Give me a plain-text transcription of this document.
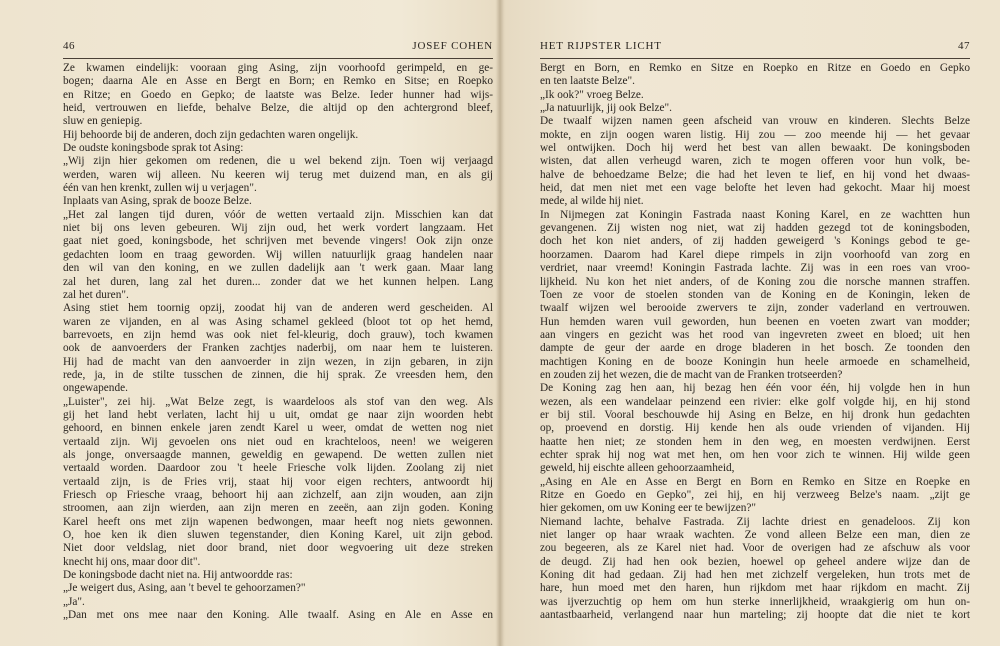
46	JOSEF COHEN
Ze kwamen eindelijk: vooraan ging Asing, zijn voorhoofd gerimpeld, en ge-
bogen; daarna Ale en Asse en Bergt en Born; en Remko en Sitse; en Roepko
en Ritze; en Goedo en Gepko; de laatste was Belze. Ieder hunner had wijs-
heid, vertrouwen en liefde, behalve Belze, die altijd op den achtergrond bleef,
sluw en geniepig.
Hij behoorde bij de anderen, doch zijn gedachten waren ongelijk.
De oudste koningsbode sprak tot Asing:
„Wij zijn hier gekomen om redenen, die u wel bekend zijn. Toen wij verjaagd
werden, waren wij alleen. Nu keeren wij terug met duizend man, en als gij
één van hen krenkt, zullen wij u verjagen".
Inplaats van Asing, sprak de booze Belze.
„Het zal langen tijd duren, vóór de wetten vertaald zijn. Misschien kan dat
niet bij ons leven gebeuren. Wij zijn oud, het werk vordert langzaam. Het
gaat niet goed, koningsbode, het schrijven met bevende vingers! Ook zijn onze
gedachten loom en traag geworden. Wij willen natuurlijk graag handelen naar
den wil van den koning, en we zullen dadelijk aan 't werk gaan. Maar lang
zal het duren, lang zal het duren... zonder dat we het kunnen helpen. Lang
zal het duren".
Asing stiet hem toornig opzij, zoodat hij van de anderen werd gescheiden. Al
waren ze vijanden, en al was Asing schamel gekleed (bloot tot op het hemd,
barrevoets, en zijn hemd was ook niet fel-kleurig, doch grauw), toch kwamen
ook de aanvoerders der Franken zachtjes naderbij, om naar hem te luisteren.
Hij had de macht van den aanvoerder in zijn wezen, in zijn gebaren, in zijn
rede, ja, in de stilte tusschen de zinnen, die hij sprak. Ze vreesden hem, den
ongewapende.
„Luister", zei hij. „Wat Belze zegt, is waardeloos als stof van den weg. Als
gij het land hebt verlaten, lacht hij u uit, omdat ge naar zijn woorden hebt
gehoord, en binnen enkele jaren zendt Karel u weer, omdat de wetten nog niet
vertaald zijn. Wij gevoelen ons niet oud en krachteloos, neen! we weigeren
als jonge, onversaagde mannen, geweldig en gewapend. De wetten zullen niet
vertaald worden. Daardoor zou 't heele Friesche volk lijden. Zoolang zij niet
vertaald zijn, is de Fries vrij, staat hij voor eigen rechters, antwoordt hij
Friesch op Friesche vraag, behoort hij aan zichzelf, aan zijn wouden, aan zijn
stroomen, aan zijn wierden, aan zijn meren en zeeën, aan zijn goden. Koning
Karel heeft ons met zijn wapenen bedwongen, maar heeft nog niets gewonnen.
O, hoe ken ik dien sluwen tegenstander, dien Koning Karel, uit zijn gebod.
Niet door veldslag, niet door brand, niet door wegvoering uit deze streken
knecht hij ons, maar door dit".
De koningsbode dacht niet na. Hij antwoordde ras:
„Je weigert dus, Asing, aan 't bevel te gehoorzamen?"
„Ja".
„Dan met ons mee naar den Koning. Alle twaalf. Asing en Ale en Asse en
HET RIJPSTER LICHT	47
Bergt en Born, en Remko en Sitze en Roepko en Ritze en Goedo en Gepko
en ten laatste Belze".
„Ik ook?" vroeg Belze.
„Ja natuurlijk, jij ook Belze".
De twaalf wijzen namen geen afscheid van vrouw en kinderen. Slechts Belze
mokte, en zijn oogen waren listig. Hij zou — zoo meende hij — het gevaar
wel ontwijken. Doch hij werd het best van allen bewaakt. De koningsboden
wisten, dat allen verheugd waren, zich te mogen offeren voor hun volk, be-
halve de behoedzame Belze; die had het leven te lief, en hij vond het dwaas-
heid, dat men niet met een vage belofte het leven had gekocht. Maar hij moest
mede, al wilde hij niet.
In Nijmegen zat Koningin Fastrada naast Koning Karel, en ze wachtten hun
gevangenen. Zij wisten nog niet, wat zij hadden gezegd tot de koningsboden,
doch het kon niet anders, of zij hadden geweigerd 's Konings gebod te ge-
hoorzamen. Daarom had Karel diepe rimpels in zijn voorhoofd van zorg en
verdriet, naar vreemd! Koningin Fastrada lachte. Zij was in een roes van vroo-
lijkheid. Nu kon het niet anders, of de Koning zou die norsche mannen straffen.
Toen ze voor de stoelen stonden van de Koning en de Koningin, leken de
twaalf wijzen wel berooide zwervers te zijn, zonder vaderland en vertrouwen.
Hun hemden waren vuil geworden, hun beenen en voeten zwart van modder;
aan vingers en gezicht was het rood van ingevreten zweet en bloed; uit hen
dampte de geur der aarde en droge bladeren in het bosch. Ze toonden den
machtigen Koning en de booze Koningin hun heele armoede en schamelheid,
en zouden zij het wezen, die de macht van de Franken trotseerden?
De Koning zag hen aan, hij bezag hen één voor één, hij volgde hen in hun
wezen, als een wandelaar peinzend een rivier: elke golf volgde hij, en hij stond
er bij stil. Vooral beschouwde hij Asing en Belze, en hij dronk hun gedachten
op, proevend en dorstig. Hij kende hen als oude vrienden of vijanden. Hij
haatte hen niet; ze stonden hem in den weg, en moesten verdwijnen. Eerst
echter sprak hij nog wat met hen, om hen voor zich te winnen. Hij wilde geen
geweld, hij eischte alleen gehoorzaamheid,
„Asing en Ale en Asse en Bergt en Born en Remko en Sitze en Roepke en
Ritze en Goedo en Gepko", zei hij, en hij verzweeg Belze's naam. „zijt ge
hier gekomen, om uw Koning eer te bewijzen?"
Niemand lachte, behalve Fastrada. Zij lachte driest en genadeloos. Zij kon
niet langer op haar wraak wachten. Ze vond alleen Belze een man, dien ze
zou begeeren, als ze Karel niet had. Voor de overigen had ze afschuw als voor
de deugd. Zij had hen ook bezien, hoewel op geheel andere wijze dan de
Koning dit had gedaan. Zij had hen met zichzelf vergeleken, hun trots met de
hare, hun moed met den haren, hun rijkdom met haar rijkdom en macht. Zij
was ijverzuchtig op hem om hun sterke innerlijkheid, wraakgierig om hun on-
aantastbaarheid, verlangend naar hun marteling; zij hoopte dat die niet te kort
